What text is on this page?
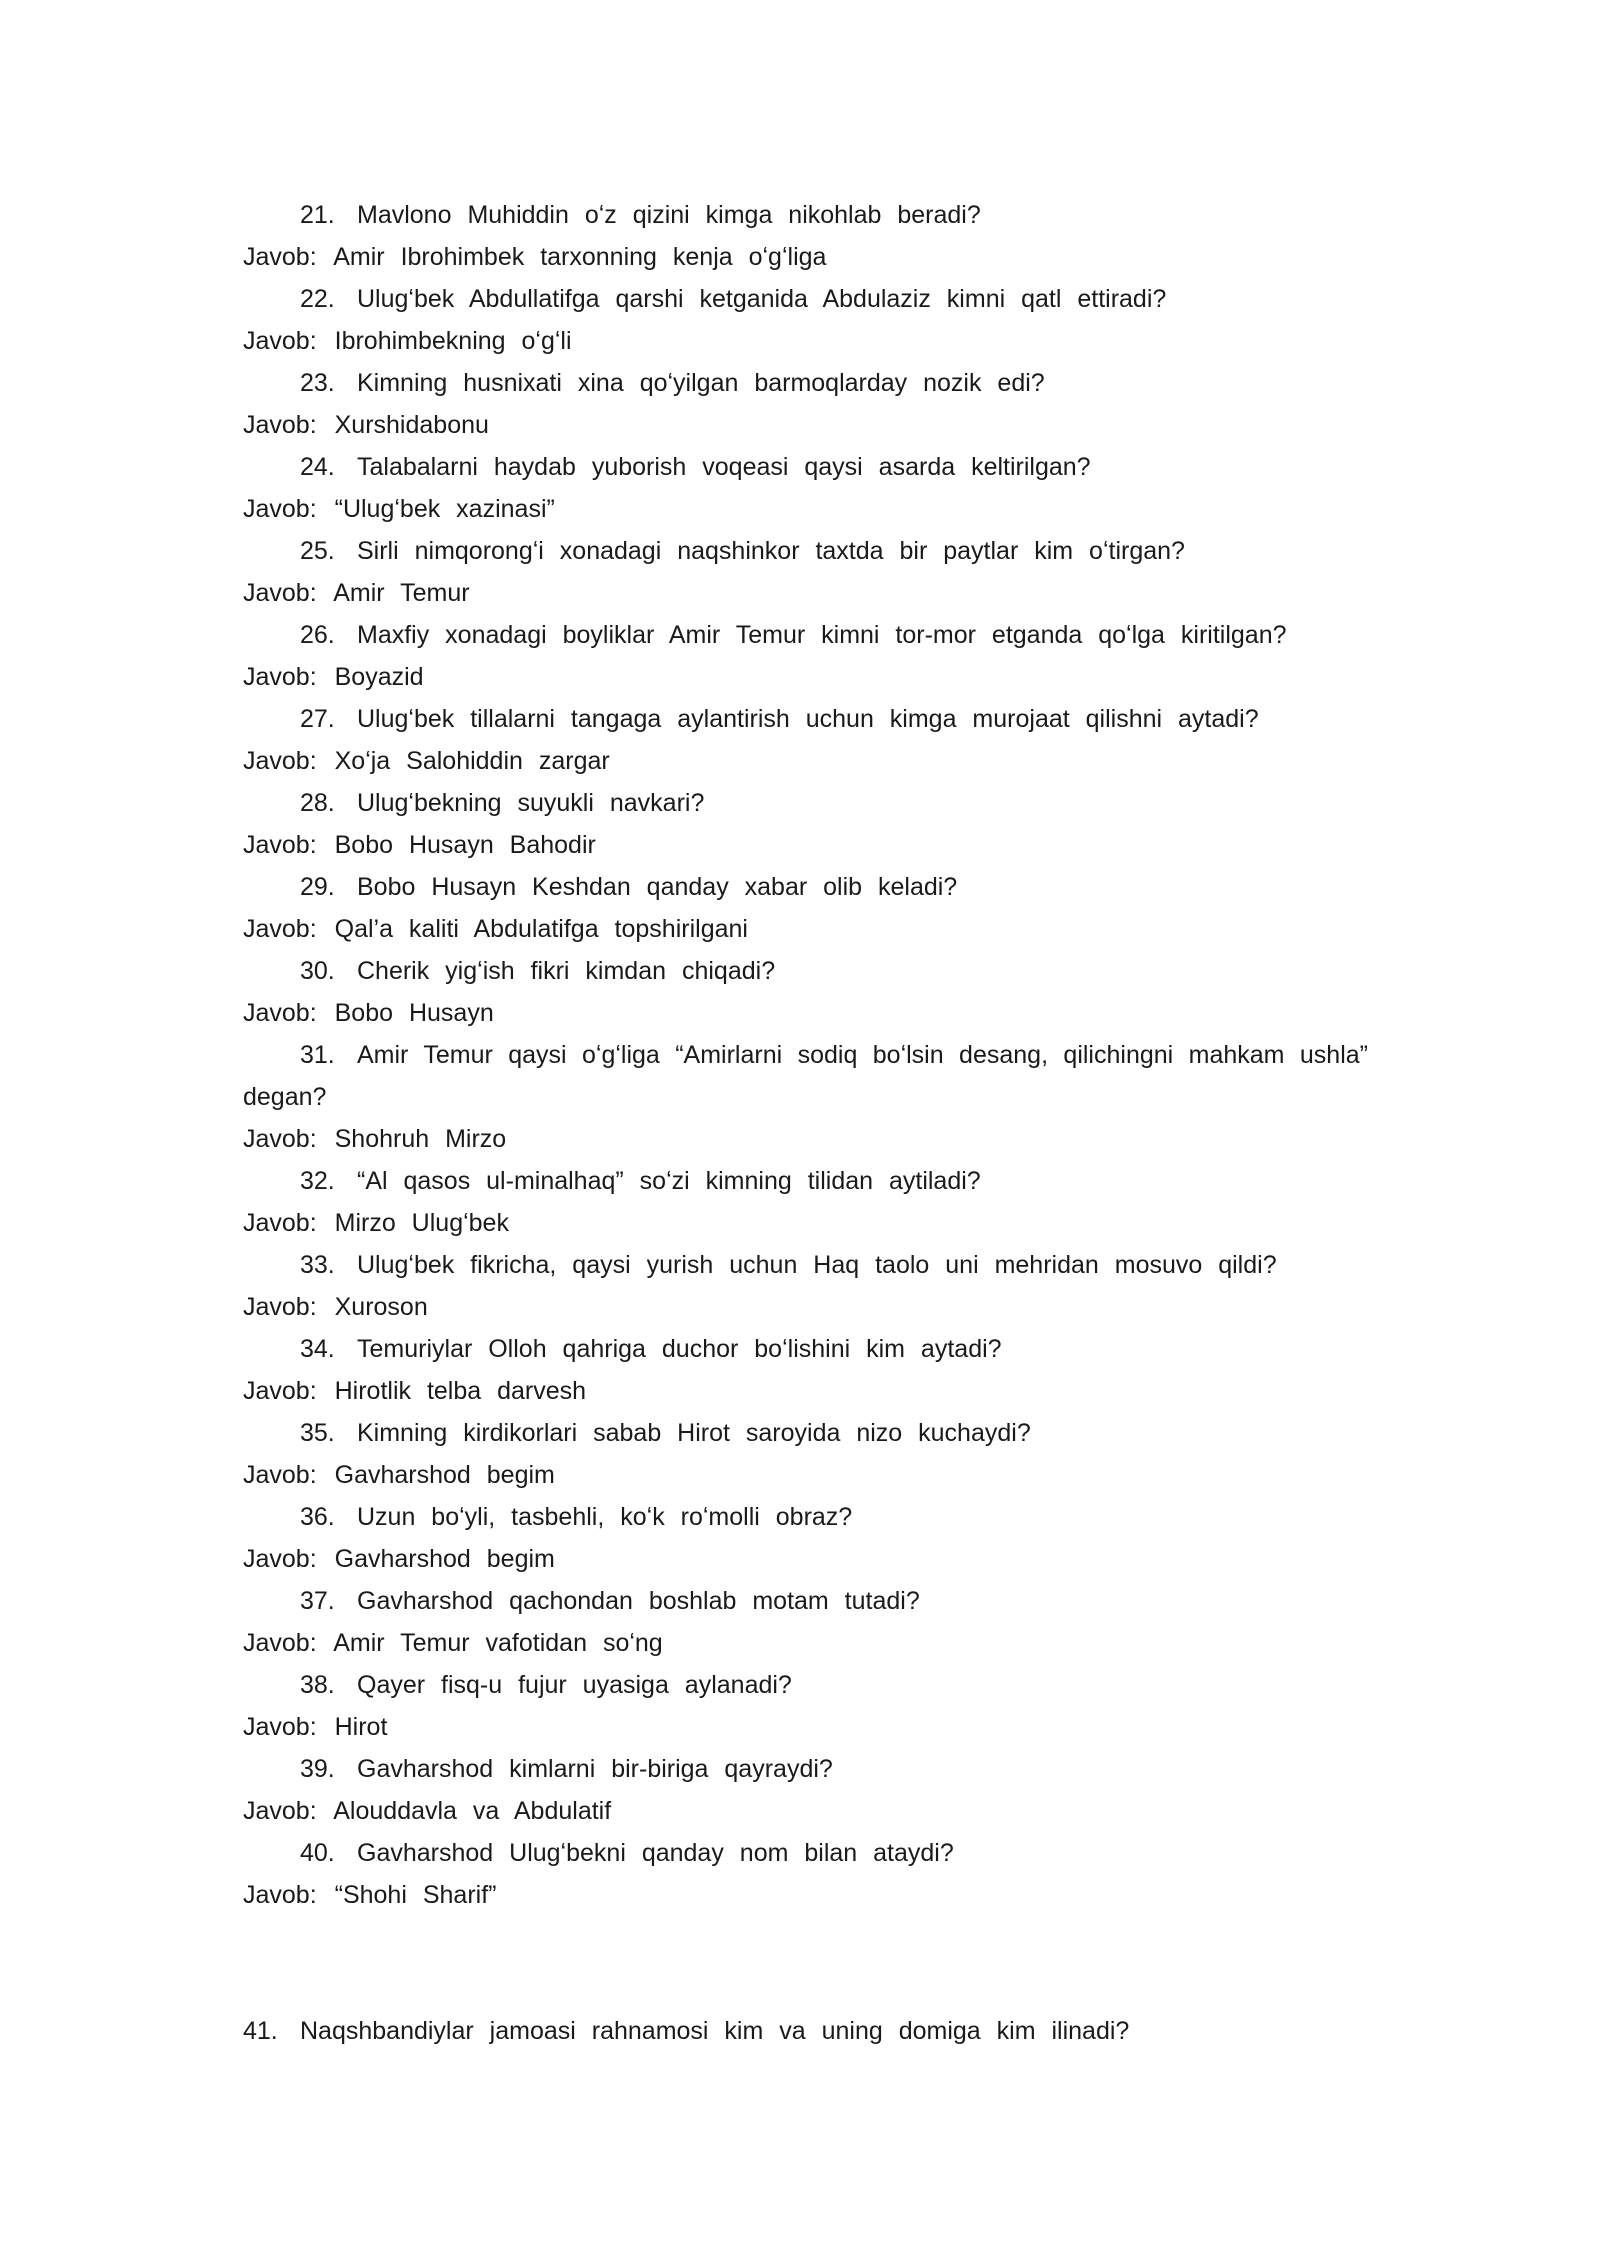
21. Mavlono Muhiddin oʻz qizini kimga nikohlab beradi?
Javob: Amir Ibrohimbek tarxonning kenja oʻgʻliga
22. Ulugʻbek Abdullatifga qarshi ketganida Abdulaziz kimni qatl ettiradi?
Javob: Ibrohimbekning oʻgʻli
23. Kimning husnixati xina qoʻyilgan barmoqlarday nozik edi?
Javob: Xurshidabonu
24. Talabalarni haydab yuborish voqeasi qaysi asarda keltirilgan?
Javob: “Ulugʻbek xazinasi”
25. Sirli nimqorongʻi xonadagi naqshinkor taxtda bir paytlar kim oʻtirgan?
Javob: Amir Temur
26. Maxfiy xonadagi boyliklar Amir Temur kimni tor-mor etganda qoʻlga kiritilgan?
Javob: Boyazid
27. Ulugʻbek tillalarni tangaga aylantirish uchun kimga murojaat qilishni aytadi?
Javob: Xoʻja Salohiddin zargar
28. Ulugʻbekning suyukli navkari?
Javob: Bobo Husayn Bahodir
29. Bobo Husayn Keshdan qanday xabar olib keladi?
Javob: Qal’a kaliti Abdulatifga topshirilgani
30. Cherik yigʻish fikri kimdan chiqadi?
Javob: Bobo Husayn
31. Amir Temur qaysi oʻgʻliga “Amirlarni sodiq boʻlsin desang, qilichingni mahkam ushla” degan?
Javob: Shohruh Mirzo
32. “Al qasos ul-minalhaq” soʻzi kimning tilidan aytiladi?
Javob: Mirzo Ulugʻbek
33. Ulugʻbek fikricha, qaysi yurish uchun Haq taolo uni mehridan mosuvo qildi?
Javob: Xuroson
34. Temuriylar Olloh qahriga duchor boʻlishini kim aytadi?
Javob: Hirotlik telba darvesh
35. Kimning kirdikorlari sabab Hirot saroyida nizo kuchaydi?
Javob: Gavharshod begim
36. Uzun boʻyli, tasbehli, koʻk roʻmolli obraz?
Javob: Gavharshod begim
37. Gavharshod qachondan boshlab motam tutadi?
Javob: Amir Temur vafotidan soʻng
38. Qayer fisq-u fujur uyasiga aylanadi?
Javob: Hirot
39. Gavharshod kimlarni bir-biriga qayraydi?
Javob: Alouddavla va Abdulatif
40. Gavharshod Ulugʻbekni qanday nom bilan ataydi?
Javob: “Shohi Sharif”
41. Naqshbandiylar jamoasi rahnamosi kim va uning domiga kim ilinadi?
